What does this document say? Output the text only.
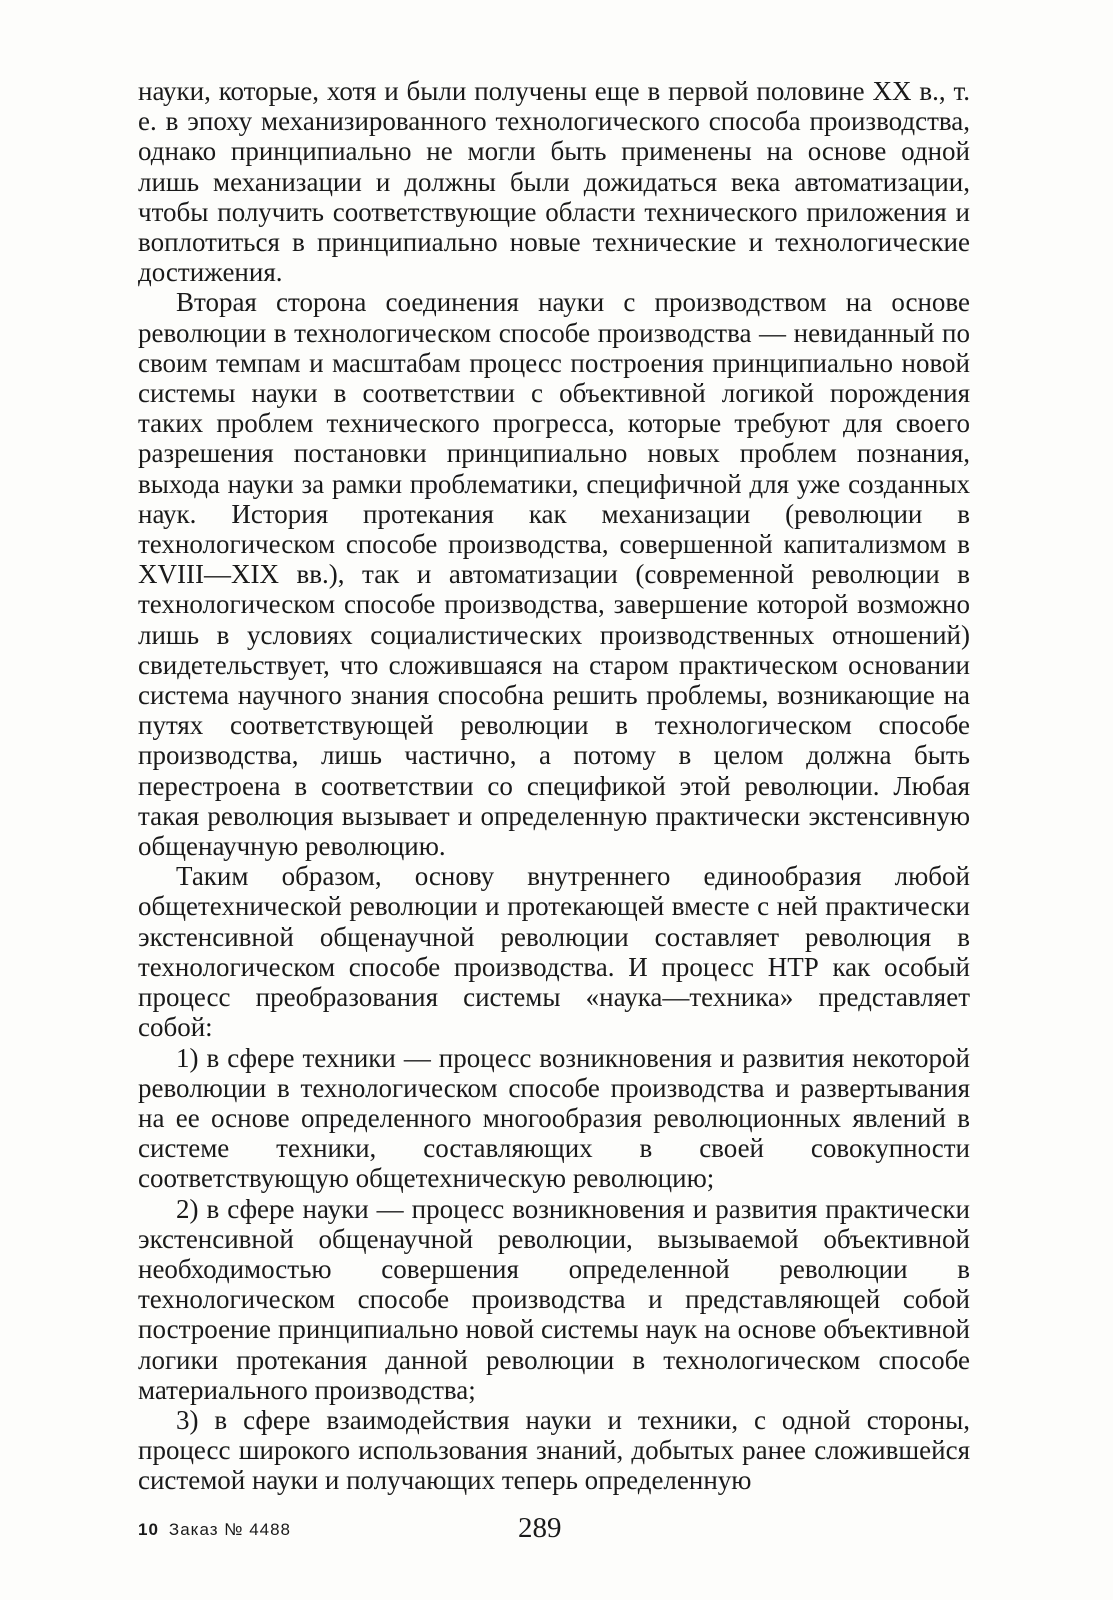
науки, которые, хотя и были получены еще в первой половине XX в., т. е. в эпоху механизированного технологического способа производства, однако принципиально не могли быть применены на основе одной лишь механизации и должны были дожидаться века автоматизации, чтобы получить соответствующие области технического приложения и воплотиться в принципиально новые технические и технологические достижения.

Вторая сторона соединения науки с производством на основе революции в технологическом способе производства — невиданный по своим темпам и масштабам процесс построения принципиально новой системы науки в соответствии с объективной логикой порождения таких проблем технического прогресса, которые требуют для своего разрешения постановки принципиально новых проблем познания, выхода науки за рамки проблематики, специфичной для уже созданных наук. История протекания как механизации (революции в технологическом способе производства, совершенной капитализмом в XVIII—XIX вв.), так и автоматизации (современной революции в технологическом способе производства, завершение которой возможно лишь в условиях социалистических производственных отношений) свидетельствует, что сложившаяся на старом практическом основании система научного знания способна решить проблемы, возникающие на путях соответствующей революции в технологическом способе производства, лишь частично, а потому в целом должна быть перестроена в соответствии со спецификой этой революции. Любая такая революция вызывает и определенную практически экстенсивную общенаучную революцию.

Таким образом, основу внутреннего единообразия любой общетехнической революции и протекающей вместе с ней практически экстенсивной общенаучной революции составляет революция в технологическом способе производства. И процесс НТР как особый процесс преобразования системы «наука—техника» представляет собой:

1) в сфере техники — процесс возникновения и развития некоторой революции в технологическом способе производства и развертывания на ее основе определенного многообразия революционных явлений в системе техники, составляющих в своей совокупности соответствующую общетехническую революцию;

2) в сфере науки — процесс возникновения и развития практически экстенсивной общенаучной революции, вызываемой объективной необходимостью совершения определенной революции в технологическом способе производства и представляющей собой построение принципиально новой системы наук на основе объективной логики протекания данной революции в технологическом способе материального производства;

3) в сфере взаимодействия науки и техники, с одной стороны, процесс широкого использования знаний, добытых ранее сложившейся системой науки и получающих теперь определенную

10 Заказ № 4488	289
